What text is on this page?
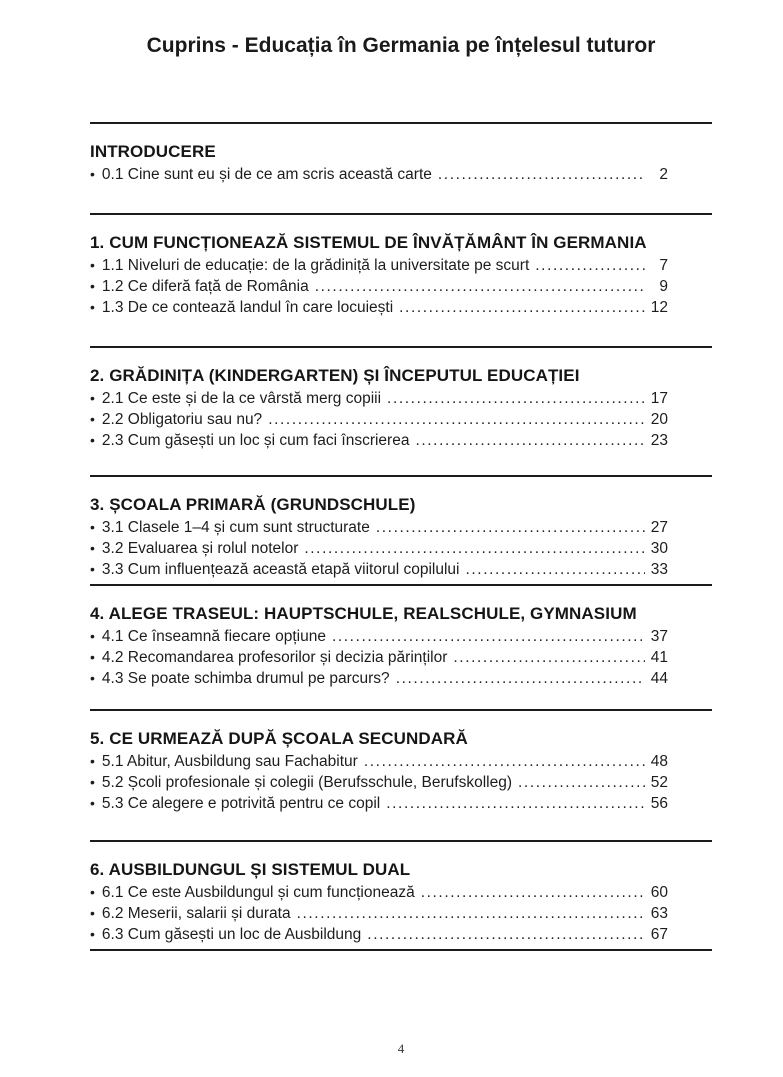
Cuprins - Educația în Germania pe înțelesul tuturor
INTRODUCERE
• 0.1 Cine sunt eu și de ce am scris această carte .....	2
1. CUM FUNCȚIONEAZĂ SISTEMUL DE ÎNVĂȚĂMÂNT ÎN GERMANIA
• 1.1 Niveluri de educație: de la grădiniță la universitate pe scurt .....	7
• 1.2 Ce diferă față de România .....	9
• 1.3 De ce contează landul în care locuiești .....	12
2. GRĂDINIȚA (KINDERGARTEN) ȘI ÎNCEPUTUL EDUCAȚIEI
• 2.1 Ce este și de la ce vârstă merg copiii .....	17
• 2.2 Obligatoriu sau nu? .....	20
• 2.3 Cum găsești un loc și cum faci înscrierea .....	23
3. ȘCOALA PRIMARĂ (GRUNDSCHULE)
• 3.1 Clasele 1–4 și cum sunt structurate .....	27
• 3.2 Evaluarea și rolul notelor .....	30
• 3.3 Cum influențează această etapă viitorul copilului .....	33
4. ALEGE TRASEUL: HAUPTSCHULE, REALSCHULE, GYMNASIUM
• 4.1 Ce înseamnă fiecare opțiune .....	37
• 4.2 Recomandarea profesorilor și decizia părinților .....	41
• 4.3 Se poate schimba drumul pe parcurs? .....	44
5. CE URMEAZĂ DUPĂ ȘCOALA SECUNDARĂ
• 5.1 Abitur, Ausbildung sau Fachabitur .....	48
• 5.2 Școli profesionale și colegii (Berufsschule, Berufskolleg) .....	52
• 5.3 Ce alegere e potrivită pentru ce copil .....	56
6. AUSBILDUNGUL ȘI SISTEMUL DUAL
• 6.1 Ce este Ausbildungul și cum funcționează .....	60
• 6.2 Meserii, salarii și durata .....	63
• 6.3 Cum găsești un loc de Ausbildung .....	67
4
